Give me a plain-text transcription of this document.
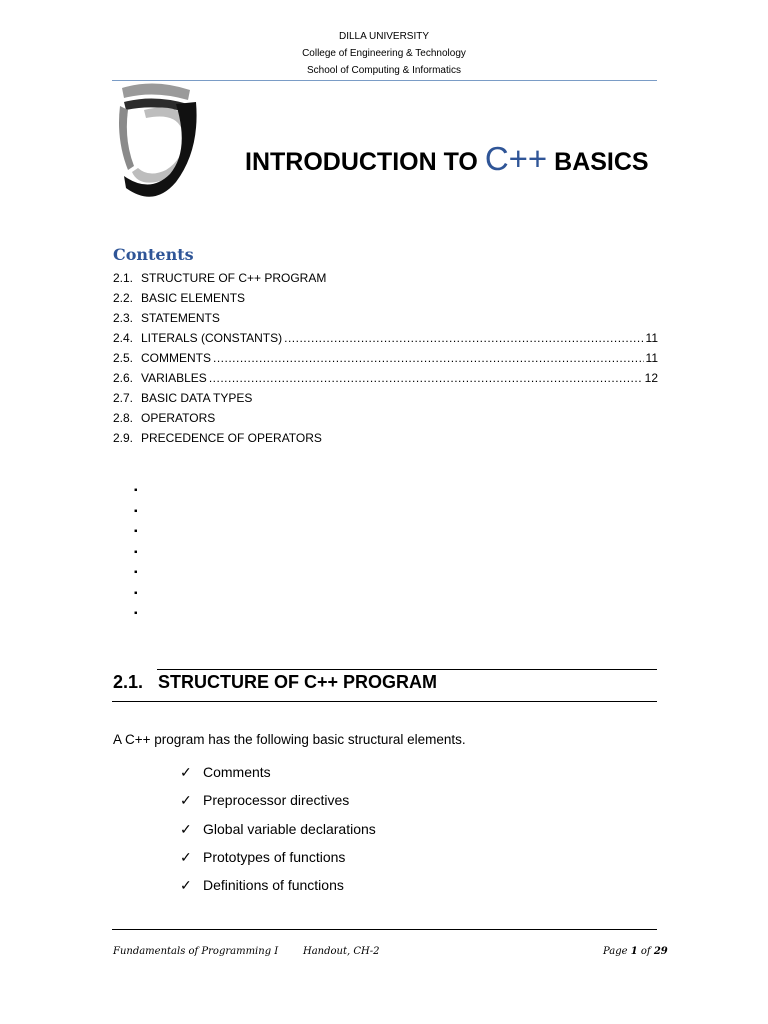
DILLA UNIVERSITY
College of Engineering & Technology
School of Computing & Informatics
INTRODUCTION TO C++ BASICS
Contents
2.1. STRUCTURE OF C++ PROGRAM
2.2. BASIC ELEMENTS
2.3. STATEMENTS
2.4. LITERALS (CONSTANTS) .....	11
2.5. COMMENTS .....	11
2.6. VARIABLES .....	12
2.7. BASIC DATA TYPES
2.8. OPERATORS
2.9. PRECEDENCE OF OPERATORS
▪
▪
▪
▪
▪
▪
▪
2.1. STRUCTURE OF C++ PROGRAM
A C++ program has the following basic structural elements.
✓ Comments
✓ Preprocessor directives
✓ Global variable declarations
✓ Prototypes of functions
✓ Definitions of functions
Fundamentals of Programming I Handout, CH-2	Page 1 of 29
